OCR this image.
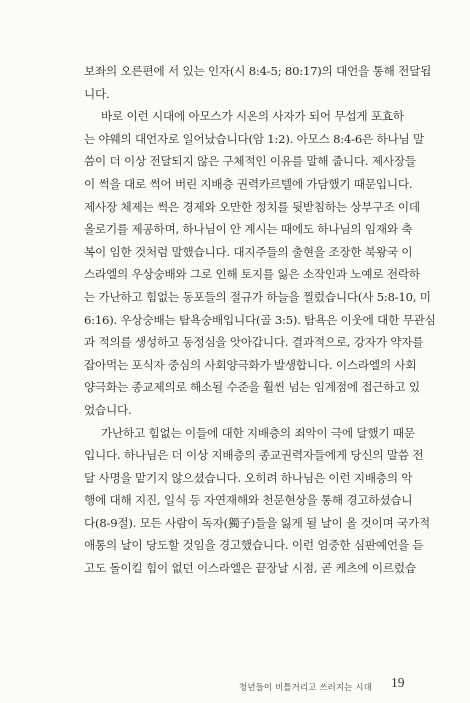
보좌의 오른편에 서 있는 인자(시 8:4-5; 80:17)의 대언을 통해 전달됩
니다.
바로 이런 시대에 아모스가 시온의 사자가 되어 무섭게 포효하
는 야웨의 대언자로 일어났습니다(암 1:2). 아모스 8:4-6은 하나님 말
씀이 더 이상 전달되지 않은 구체적인 이유를 말해 줍니다. 제사장들
이 썩을 대로 썩어 버린 지배층 권력카르텔에 가담했기 때문입니다.
제사장 체제는 썩은 경제와 오만한 정치를 뒷받침하는 상부구조 이데
올로기를 제공하며, 하나님이 안 계시는 때에도 하나님의 임재와 축
복이 임한 것처럼 말했습니다. 대지주들의 출현을 조장한 북왕국 이
스라엘의 우상숭배와 그로 인해 토지를 잃은 소작인과 노예로 전락하
는 가난하고 힘없는 동포들의 절규가 하늘을 찔렀습니다(사 5:8-10, 미
6:16). 우상숭배는 탐욕숭배입니다(골 3:5). 탐욕은 이웃에 대한 무관심
과 적의를 생성하고 동정심을 앗아갑니다. 결과적으로, 강자가 약자를
잡아먹는 포식자 중심의 사회양극화가 발생합니다. 이스라엘의 사회
양극화는 종교제의로 해소될 수준을 훨씬 넘는 임계점에 접근하고 있
었습니다.
가난하고 힘없는 이들에 대한 지배층의 죄악이 극에 달했기 때문
입니다. 하나님은 더 이상 지배층의 종교권력자들에게 당신의 말씀 전
달 사명을 맡기지 않으셨습니다. 오히려 하나님은 이런 지배층의 악
행에 대해 지진, 일식 등 자연재해와 천문현상을 통해 경고하셨습니
다(8-9절). 모든 사람이 독자(獨子)들을 잃게 될 날이 올 것이며 국가적
애통의 날이 당도할 것임을 경고했습니다. 이런 엄중한 심판예언을 듣
고도 돌이킬 힘이 없던 이스라엘은 끝장날 시점, 곧 케츠에 이르렀습
청년들이 비틀거리고 쓰러지는 시대 19
